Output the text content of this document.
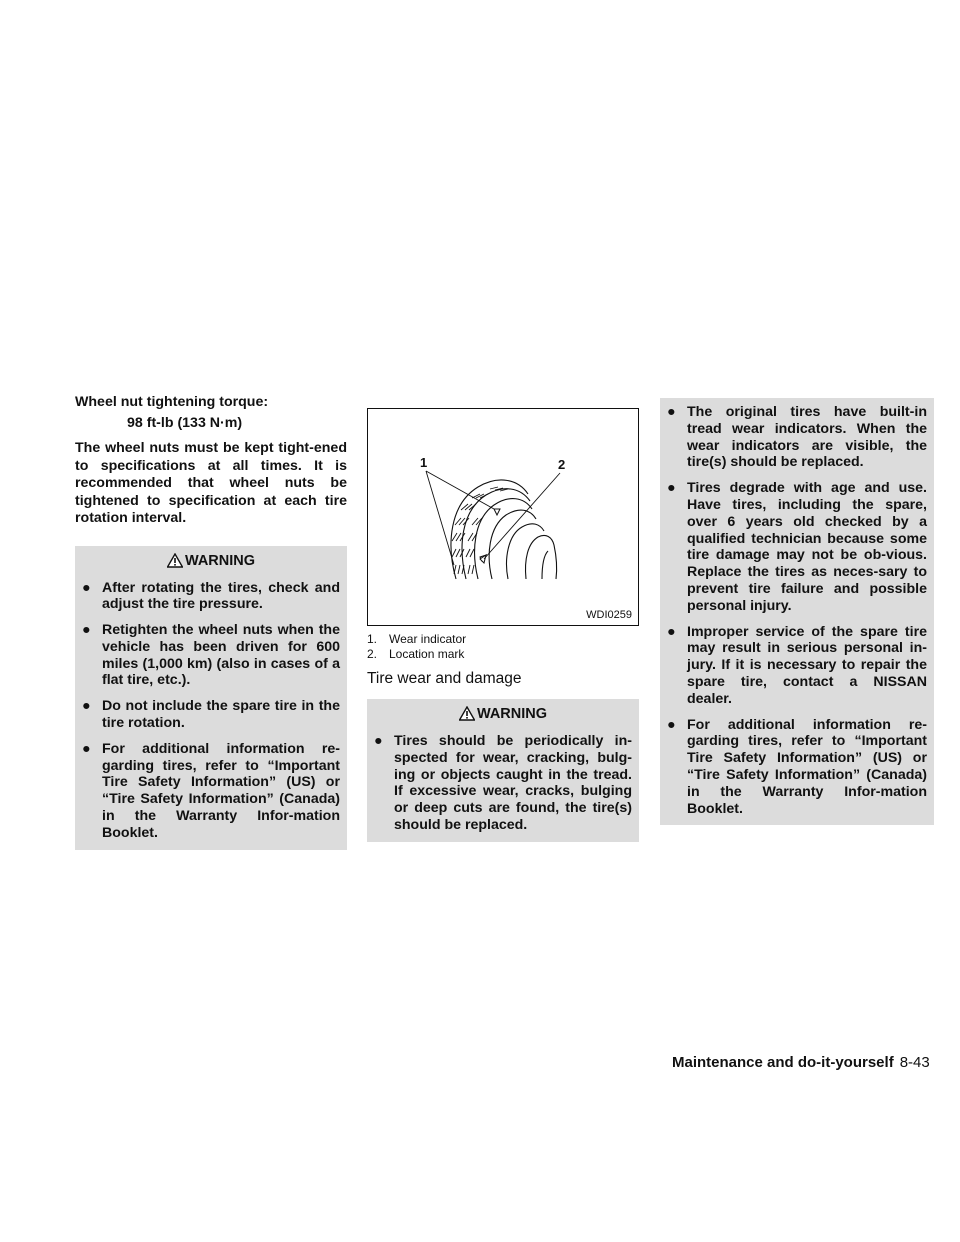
Wheel nut tightening torque:
98 ft-lb (133 N·m)
The wheel nuts must be kept tight-ened to specifications at all times. It is recommended that wheel nuts be tightened to specification at each tire rotation interval.
WARNING
● After rotating the tires, check and adjust the tire pressure.
● Retighten the wheel nuts when the vehicle has been driven for 600 miles (1,000 km) (also in cases of a flat tire, etc.).
● Do not include the spare tire in the tire rotation.
● For additional information re-garding tires, refer to “Important Tire Safety Information” (US) or “Tire Safety Information” (Canada) in the Warranty Infor-mation Booklet.
1	2
WDI0259
1. Wear indicator
2. Location mark
Tire wear and damage
WARNING
● Tires should be periodically in-spected for wear, cracking, bulg-ing or objects caught in the tread. If excessive wear, cracks, bulging or deep cuts are found, the tire(s) should be replaced.
● The original tires have built-in tread wear indicators. When the wear indicators are visible, the tire(s) should be replaced.
● Tires degrade with age and use. Have tires, including the spare, over 6 years old checked by a qualified technician because some tire damage may not be ob-vious. Replace the tires as neces-sary to prevent tire failure and possible personal injury.
● Improper service of the spare tire may result in serious personal in-jury. If it is necessary to repair the spare tire, contact a NISSAN dealer.
● For additional information re-garding tires, refer to “Important Tire Safety Information” (US) or “Tire Safety Information” (Canada) in the Warranty Infor-mation Booklet.
Maintenance and do-it-yourself 8-43
